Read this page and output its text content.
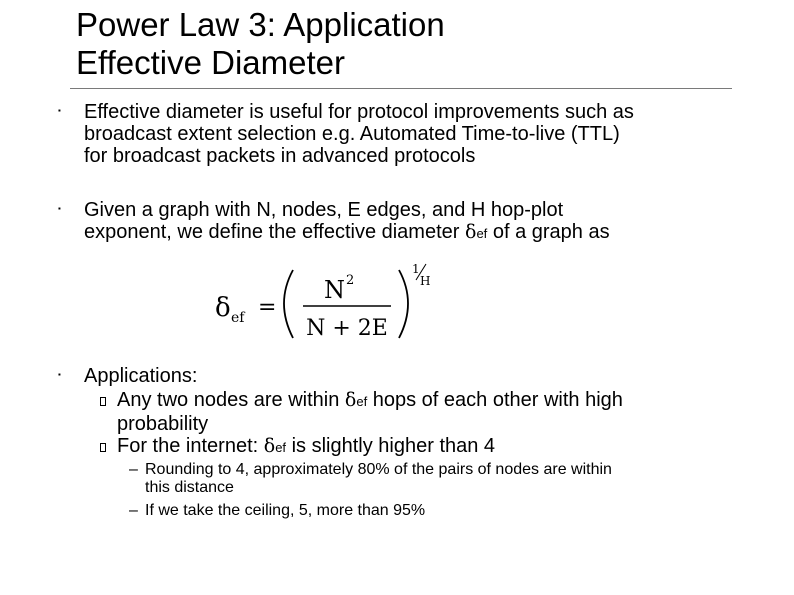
Power Law 3: Application
Effective Diameter
▪ Effective diameter is useful for protocol improvements such as
broadcast extent selection e.g. Automated Time-to-live (TTL)
for broadcast packets in advanced protocols
▪ Given a graph with N, nodes, E edges, and H hop-plot
exponent, we define the effective diameter δef of a graph as
δ ef =
N 2
N + 2E
1
H
▪ Applications:
Any two nodes are within δef hops of each other with high
probability
For the internet: δef is slightly higher than 4
– Rounding to 4, approximately 80% of the pairs of nodes are within
this distance
– If we take the ceiling, 5, more than 95%
